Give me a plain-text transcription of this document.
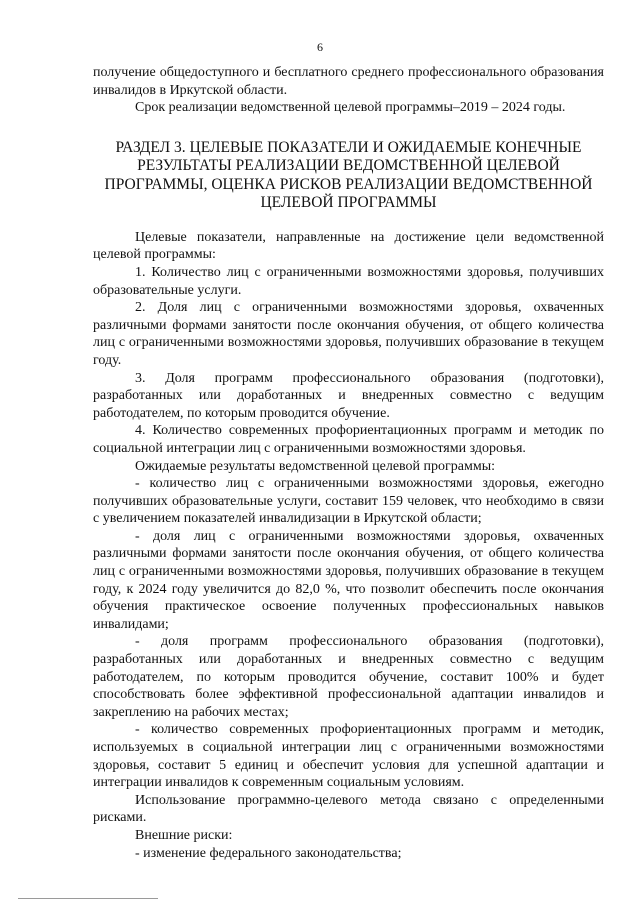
6

получение общедоступного и бесплатного среднего профессионального образования инвалидов в Иркутской области.

Срок реализации ведомственной целевой программы–2019 – 2024 годы.

РАЗДЕЛ 3. ЦЕЛЕВЫЕ ПОКАЗАТЕЛИ И ОЖИДАЕМЫЕ КОНЕЧНЫЕ РЕЗУЛЬТАТЫ РЕАЛИЗАЦИИ ВЕДОМСТВЕННОЙ ЦЕЛЕВОЙ ПРОГРАММЫ, ОЦЕНКА РИСКОВ РЕАЛИЗАЦИИ ВЕДОМСТВЕННОЙ ЦЕЛЕВОЙ ПРОГРАММЫ

Целевые показатели, направленные на достижение цели ведомственной целевой программы:

1. Количество лиц с ограниченными возможностями здоровья, получивших образовательные услуги.

2. Доля лиц с ограниченными возможностями здоровья, охваченных различными формами занятости после окончания обучения, от общего количества лиц с ограниченными возможностями здоровья, получивших образование в текущем году.

3. Доля программ профессионального образования (подготовки), разработанных или доработанных и внедренных совместно с ведущим работодателем, по которым проводится обучение.

4. Количество современных профориентационных программ и методик по социальной интеграции лиц с ограниченными возможностями здоровья.

Ожидаемые результаты ведомственной целевой программы:

- количество лиц с ограниченными возможностями здоровья, ежегодно получивших образовательные услуги, составит 159 человек, что необходимо в связи с увеличением показателей инвалидизации в Иркутской области;

- доля лиц с ограниченными возможностями здоровья, охваченных различными формами занятости после окончания обучения, от общего количества лиц с ограниченными возможностями здоровья, получивших образование в текущем году, к 2024 году увеличится до 82,0 %, что позволит обеспечить после окончания обучения практическое освоение полученных профессиональных навыков инвалидами;

- доля программ профессионального образования (подготовки), разработанных или доработанных и внедренных совместно с ведущим работодателем, по которым проводится обучение, составит 100% и будет способствовать более эффективной профессиональной адаптации инвалидов и закреплению на рабочих местах;

- количество современных профориентационных программ и методик, используемых в социальной интеграции лиц с ограниченными возможностями здоровья, составит 5 единиц и обеспечит условия для успешной адаптации и интеграции инвалидов к современным социальным условиям.

Использование программно-целевого метода связано с определенными рисками.

Внешние риски:

- изменение федерального законодательства;
